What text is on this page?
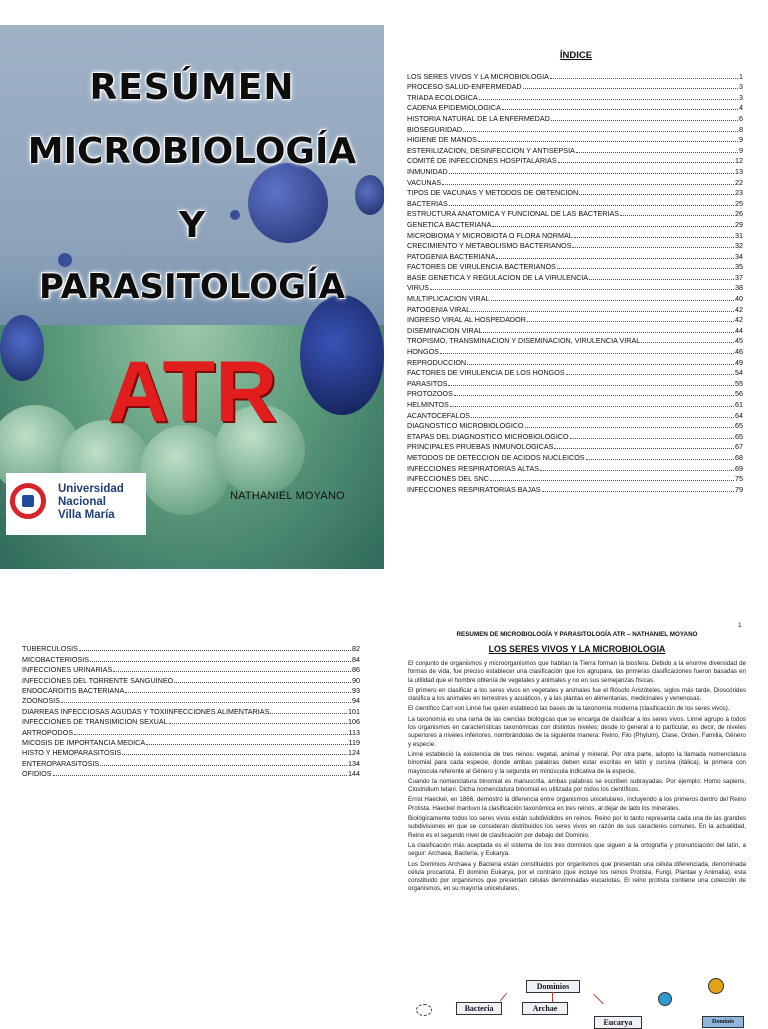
RESÚMEN
MICROBIOLOGÍA
Y
PARASITOLOGÍA
ATR
Universidad
Nacional
Villa María
NATHANIEL MOYANO
ÍNDICE
LOS SERES VIVOS Y LA MICROBIOLOGIA	1
PROCESO SALUD-ENFERMEDAD	3
TRIADA ECOLOGICA	3
CADENA EPIDEMIOLOGICA	4
HISTORIA NATURAL DE LA ENFERMEDAD	6
BIOSEGURIDAD	8
HIGIENE DE MANOS	9
ESTERILIZACION, DESINFECCION Y ANTISEPSIA	9
COMITÉ DE INFECCIONES HOSPITALARIAS	12
INMUNIDAD	13
VACUNAS	22
TIPOS DE VACUNAS Y METODOS DE OBTENCION	23
BACTERIAS	25
ESTRUCTURA ANATOMICA Y FUNCIONAL DE LAS BACTERIAS	26
GENETICA BACTERIANA	29
MICROBIOMA Y MICROBIOTA O FLORA NORMAL	31
CRECIMIENTO Y METABOLISMO BACTERIANOS	32
PATOGENIA BACTERIANA	34
FACTORES DE VIRULENCIA BACTERIANOS	35
BASE GENETICA Y REGULACION DE LA VIRULENCIA	37
VIRUS	38
MULTIPLICACION VIRAL	40
PATOGENIA VIRAL	42
INGRESO VIRAL AL HOSPEDADOR	42
DISEMINACION VIRAL	44
TROPISMO, TRANSMINACION Y DISEMINACION, VIRULENCIA VIRAL	45
HONGOS	46
REPRODUCCION	49
FACTORES DE VIRULENCIA DE LOS HONGOS	54
PARASITOS	55
PROTOZOOS	56
HELMINTOS	61
ACANTOCEFALOS	64
DIAGNOSTICO MICROBIOLOGICO	65
ETAPAS DEL DIAGNOSTICO MICROBIOLOGICO	65
PRINCIPALES PRUEBAS INMUNOLOGICAS	67
METODOS DE DETECCION DE ACIDOS NUCLEICOS	68
INFECCIONES RESPIRATORIAS ALTAS	69
INFECCIONES DEL SNC	75
INFECCIONES RESPIRATORIAS BAJAS	79
TUBERCULOSIS	82
MICOBACTERIOSIS	84
INFECCIONES URINARIAS	86
INFECCIONES DEL TORRENTE SANGUINEO	90
ENDOCARDITIS BACTERIANA	93
ZOONOSIS	94
DIARREAS INFECCIOSAS AGUDAS Y TOXIINFECCIONES ALIMENTARIAS	101
INFECCIONES DE TRANSIMICION SEXUAL	106
ARTROPODOS	113
MICOSIS DE IMPORTANCIA MEDICA	119
HISTO Y HEMOPARASITOSIS	124
ENTEROPARASITOSIS	134
OFIDIOS	144
1
RESUMEN DE MICROBIOLOGÍA Y PARASITOLOGÍA ATR – NATHANIEL MOYANO
LOS SERES VIVOS Y LA MICROBIOLOGIA

El conjunto de organismos y microorganismos que habitan la Tierra forman la biosfera. Debido a la enorme diversidad de formas de vida, fue preciso establecer una clasificación que los agrupara, las primeras clasificaciones fueron basadas en la utilidad que el hombre obtenía de vegetales y animales y no en sus semejanzas físicas.

El primero en clasificar a los seres vivos en vegetales y animales fue el filósofo Aristóteles, siglos más tarde, Dioscórides clasifica a los animales en terrestres y acuáticos, y a las plantas en alimentarias, medicinales y venenosas.

El científico Carl von Linné fue quien estableció las bases de la taxonomía moderna (clasificación de los seres vivos).

La taxonomía es una rama de las ciencias biológicas que se encarga de clasificar a los seres vivos. Linné agrupo a todos los organismos en características taxonómicas con distintos niveles; desde lo general a lo particular, es decir, de niveles superiores a niveles inferiores, nombrándolas de la siguiente manera: Reino, Filo (Phylum), Clase, Orden, Familia, Género y especie.

Linné estableció la existencia de tres reinos: vegetal, animal y mineral. Por otra parte, adopto la llamada nomenclatura binomial para cada especie, donde ambas palabras deben estar escritas en latín y cursiva (itálica), la primera con mayúscula referente al Género y la segunda en minúscula indicativa de la especie.

Cuando la nomenclatura binomial es manuscrita, ambas palabras se escriben subrayadas. Por ejemplo: Homo sapiens, Clostridium tetani. Dicha nomenclatura binomial es utilizada por todos los científicos.

Ernst Haeckel, en 1866, demostró la diferencia entre organismos unicelulares, incluyendo a los primeros dentro del Reino Protista. Haeckel mantuvo la clasificación taxonómica en tres reinos, al dejar de lado los minerales.

Biológicamente todos los seres vivos están subdivididos en reinos. Reino por lo tanto representa cada una de las grandes subdivisiones en que se consideran distribuidos los seres vivos en razón de sus caracteres comunes. En la actualidad, Reino es el segundo nivel de clasificación por debajo del Dominio.

La clasificación más aceptada es el sistema de los tres dominios que siguen a la ortografía y pronunciación del latín, a seguir: Archaea, Bacteria, y Eukarya.

Los Dominios Archaea y Bacteria están constituidos por organismos que presentan una célula diferenciada, denominada célula procariota. El dominio Eukarya, por el contrario (que incluye los reinos Protista, Fungi, Plantae y Animalia), esta constituido por organismos que presentan células denominadas eucariotas. El reino protista contiene una colección de organismos, en su mayoría unicelulares.

Dominios
Bacteria	Archae
Eucarya	Dominio
